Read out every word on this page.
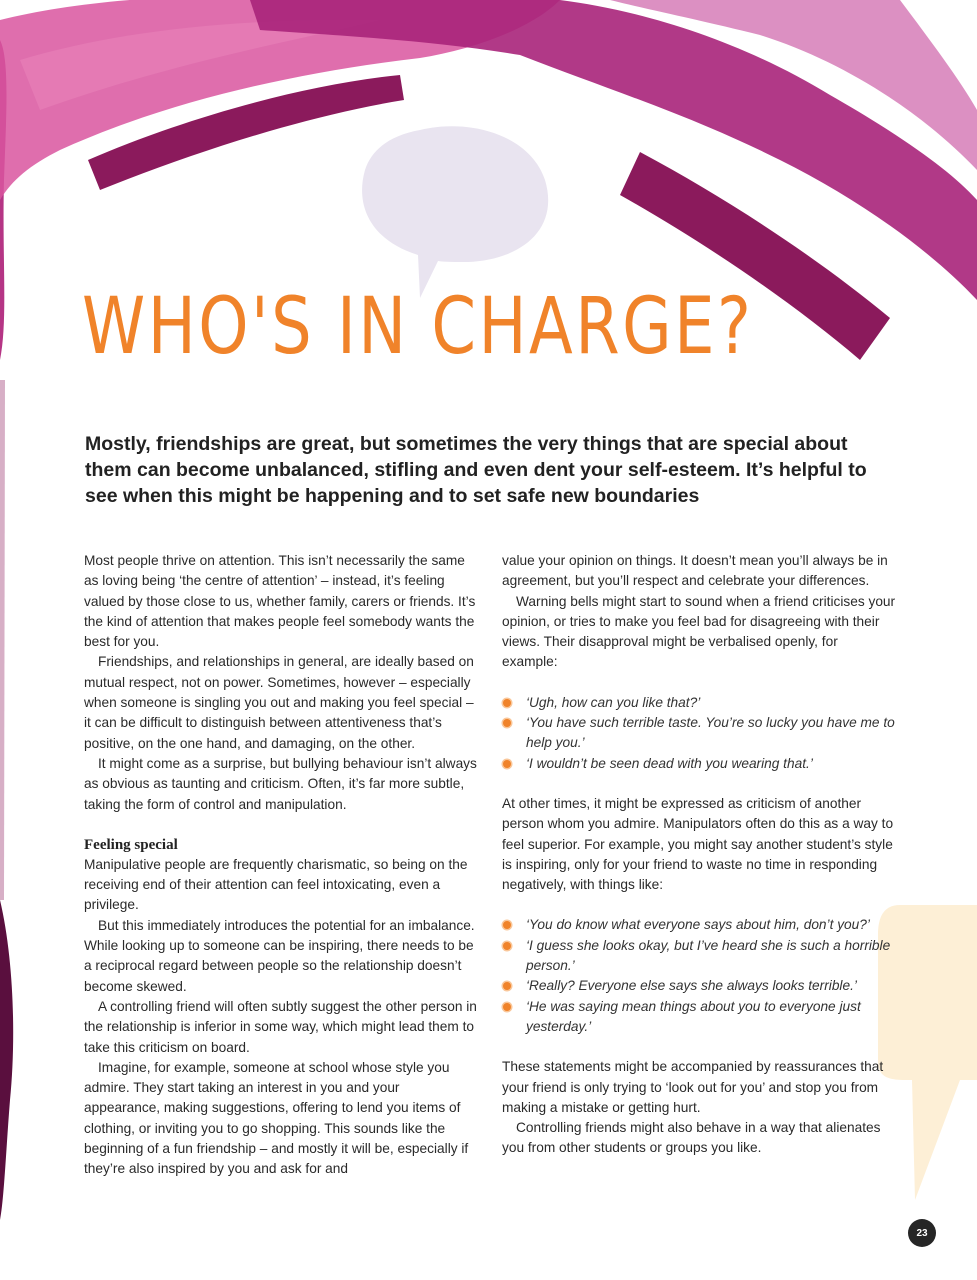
WHO'S IN CHARGE?

Mostly, friendships are great, but sometimes the very things that are special about them can become unbalanced, stifling and even dent your self-esteem. It’s helpful to see when this might be happening and to set safe new boundaries

Most people thrive on attention. This isn’t necessarily the same as loving being ‘the centre of attention’ – instead, it’s feeling valued by those close to us, whether family, carers or friends. It’s the kind of attention that makes people feel somebody wants the best for you.

Friendships, and relationships in general, are ideally based on mutual respect, not on power. Sometimes, however – especially when someone is singling you out and making you feel special – it can be difficult to distinguish between attentiveness that’s positive, on the one hand, and damaging, on the other.

It might come as a surprise, but bullying behaviour isn’t always as obvious as taunting and criticism. Often, it’s far more subtle, taking the form of control and manipulation.

Feeling special

Manipulative people are frequently charismatic, so being on the receiving end of their attention can feel intoxicating, even a privilege.

But this immediately introduces the potential for an imbalance. While looking up to someone can be inspiring, there needs to be a reciprocal regard between people so the relationship doesn’t become skewed.

A controlling friend will often subtly suggest the other person in the relationship is inferior in some way, which might lead them to take this criticism on board.

Imagine, for example, someone at school whose style you admire. They start taking an interest in you and your appearance, making suggestions, offering to lend you items of clothing, or inviting you to go shopping. This sounds like the beginning of a fun friendship – and mostly it will be, especially if they’re also inspired by you and ask for and

value your opinion on things. It doesn’t mean you’ll always be in agreement, but you’ll respect and celebrate your differences.

Warning bells might start to sound when a friend criticises your opinion, or tries to make you feel bad for disagreeing with their views. Their disapproval might be verbalised openly, for example:

‘Ugh, how can you like that?’
‘You have such terrible taste. You’re so lucky you have me to help you.’
‘I wouldn’t be seen dead with you wearing that.’

At other times, it might be expressed as criticism of another person whom you admire. Manipulators often do this as a way to feel superior. For example, you might say another student’s style is inspiring, only for your friend to waste no time in responding negatively, with things like:

‘You do know what everyone says about him, don’t you?’
‘I guess she looks okay, but I’ve heard she is such a horrible person.’
‘Really? Everyone else says she always looks terrible.’
‘He was saying mean things about you to everyone just yesterday.’

These statements might be accompanied by reassurances that your friend is only trying to ‘look out for you’ and stop you from making a mistake or getting hurt.

Controlling friends might also behave in a way that alienates you from other students or groups you like.

23
